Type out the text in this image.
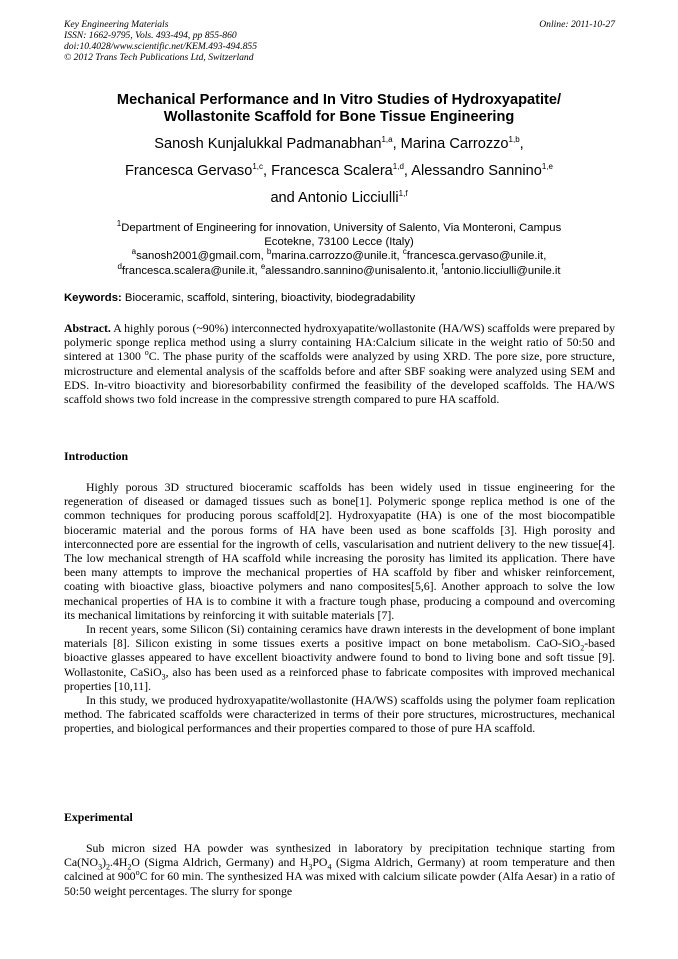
Key Engineering Materials
ISSN: 1662-9795, Vols. 493-494, pp 855-860
doi:10.4028/www.scientific.net/KEM.493-494.855
© 2012 Trans Tech Publications Ltd, Switzerland
Online: 2011-10-27
Mechanical Performance and In Vitro Studies of Hydroxyapatite/
Wollastonite Scaffold for Bone Tissue Engineering
Sanosh Kunjalukkal Padmanabhan$^{1,a}$, Marina Carrozzo$^{1,b}$,
Francesca Gervaso$^{1,c}$, Francesca Scalera$^{1,d}$, Alessandro Sannino$^{1,e}$
and Antonio Licciulli$^{1,f}$
$^1$Department of Engineering for innovation, University of Salento, Via Monteroni, Campus
Ecotekne, 73100 Lecce (Italy)
$^a$sanosh2001@gmail.com, $^b$marina.carrozzo@unile.it, $^c$francesca.gervaso@unile.it,
$^d$francesca.scalera@unile.it, $^e$alessandro.sannino@unisalento.it, $^f$antonio.licciulli@unile.it
Keywords: Bioceramic, scaffold, sintering, bioactivity, biodegradability

Abstract. A highly porous (~90%) interconnected hydroxyapatite/wollastonite (HA/WS) scaffolds were prepared by polymeric sponge replica method using a slurry containing HA:Calcium silicate in the weight ratio of 50:50 and sintered at 1300 $^o$C. The phase purity of the scaffolds were analyzed by using XRD. The pore size, pore structure, microstructure and elemental analysis of the scaffolds before and after SBF soaking were analyzed using SEM and EDS. In-vitro bioactivity and bioresorbability confirmed the feasibility of the developed scaffolds. The HA/WS scaffold shows two fold increase in the compressive strength compared to pure HA scaffold.

Introduction

Highly porous 3D structured bioceramic scaffolds has been widely used in tissue engineering for the regeneration of diseased or damaged tissues such as bone[1]. Polymeric sponge replica method is one of the common techniques for producing porous scaffold[2]. Hydroxyapatite (HA) is one of the most biocompatible bioceramic material and the porous forms of HA have been used as bone scaffolds [3]. High porosity and interconnected pore are essential for the ingrowth of cells, vascularisation and nutrient delivery to the new tissue[4]. The low mechanical strength of HA scaffold while increasing the porosity has limited its application. There have been many attempts to improve the mechanical properties of HA scaffold by fiber and whisker reinforcement, coating with bioactive glass, bioactive polymers and nano composites[5,6]. Another approach to solve the low mechanical properties of HA is to combine it with a fracture tough phase, producing a compound and overcoming its mechanical limitations by reinforcing it with suitable materials [7].

In recent years, some Silicon (Si) containing ceramics have drawn interests in the development of bone implant materials [8]. Silicon existing in some tissues exerts a positive impact on bone metabolism. CaO-SiO$_2$-based bioactive glasses appeared to have excellent bioactivity andwere found to bond to living bone and soft tissue [9]. Wollastonite, CaSiO$_3$, also has been used as a reinforced phase to fabricate composites with improved mechanical properties [10,11].

In this study, we produced hydroxyapatite/wollastonite (HA/WS) scaffolds using the polymer foam replication method. The fabricated scaffolds were characterized in terms of their pore structures, microstructures, mechanical properties, and biological performances and their properties compared to those of pure HA scaffold.

Experimental

Sub micron sized HA powder was synthesized in laboratory by precipitation technique starting from $Ca(NO_3)_2.4H_2O$ (Sigma Aldrich, Germany) and $H_3PO_4$ (Sigma Aldrich, Germany) at room temperature and then calcined at 900$^o$C for 60 min. The synthesized HA was mixed with calcium silicate powder (Alfa Aesar) in a ratio of 50:50 weight percentages. The slurry for sponge
